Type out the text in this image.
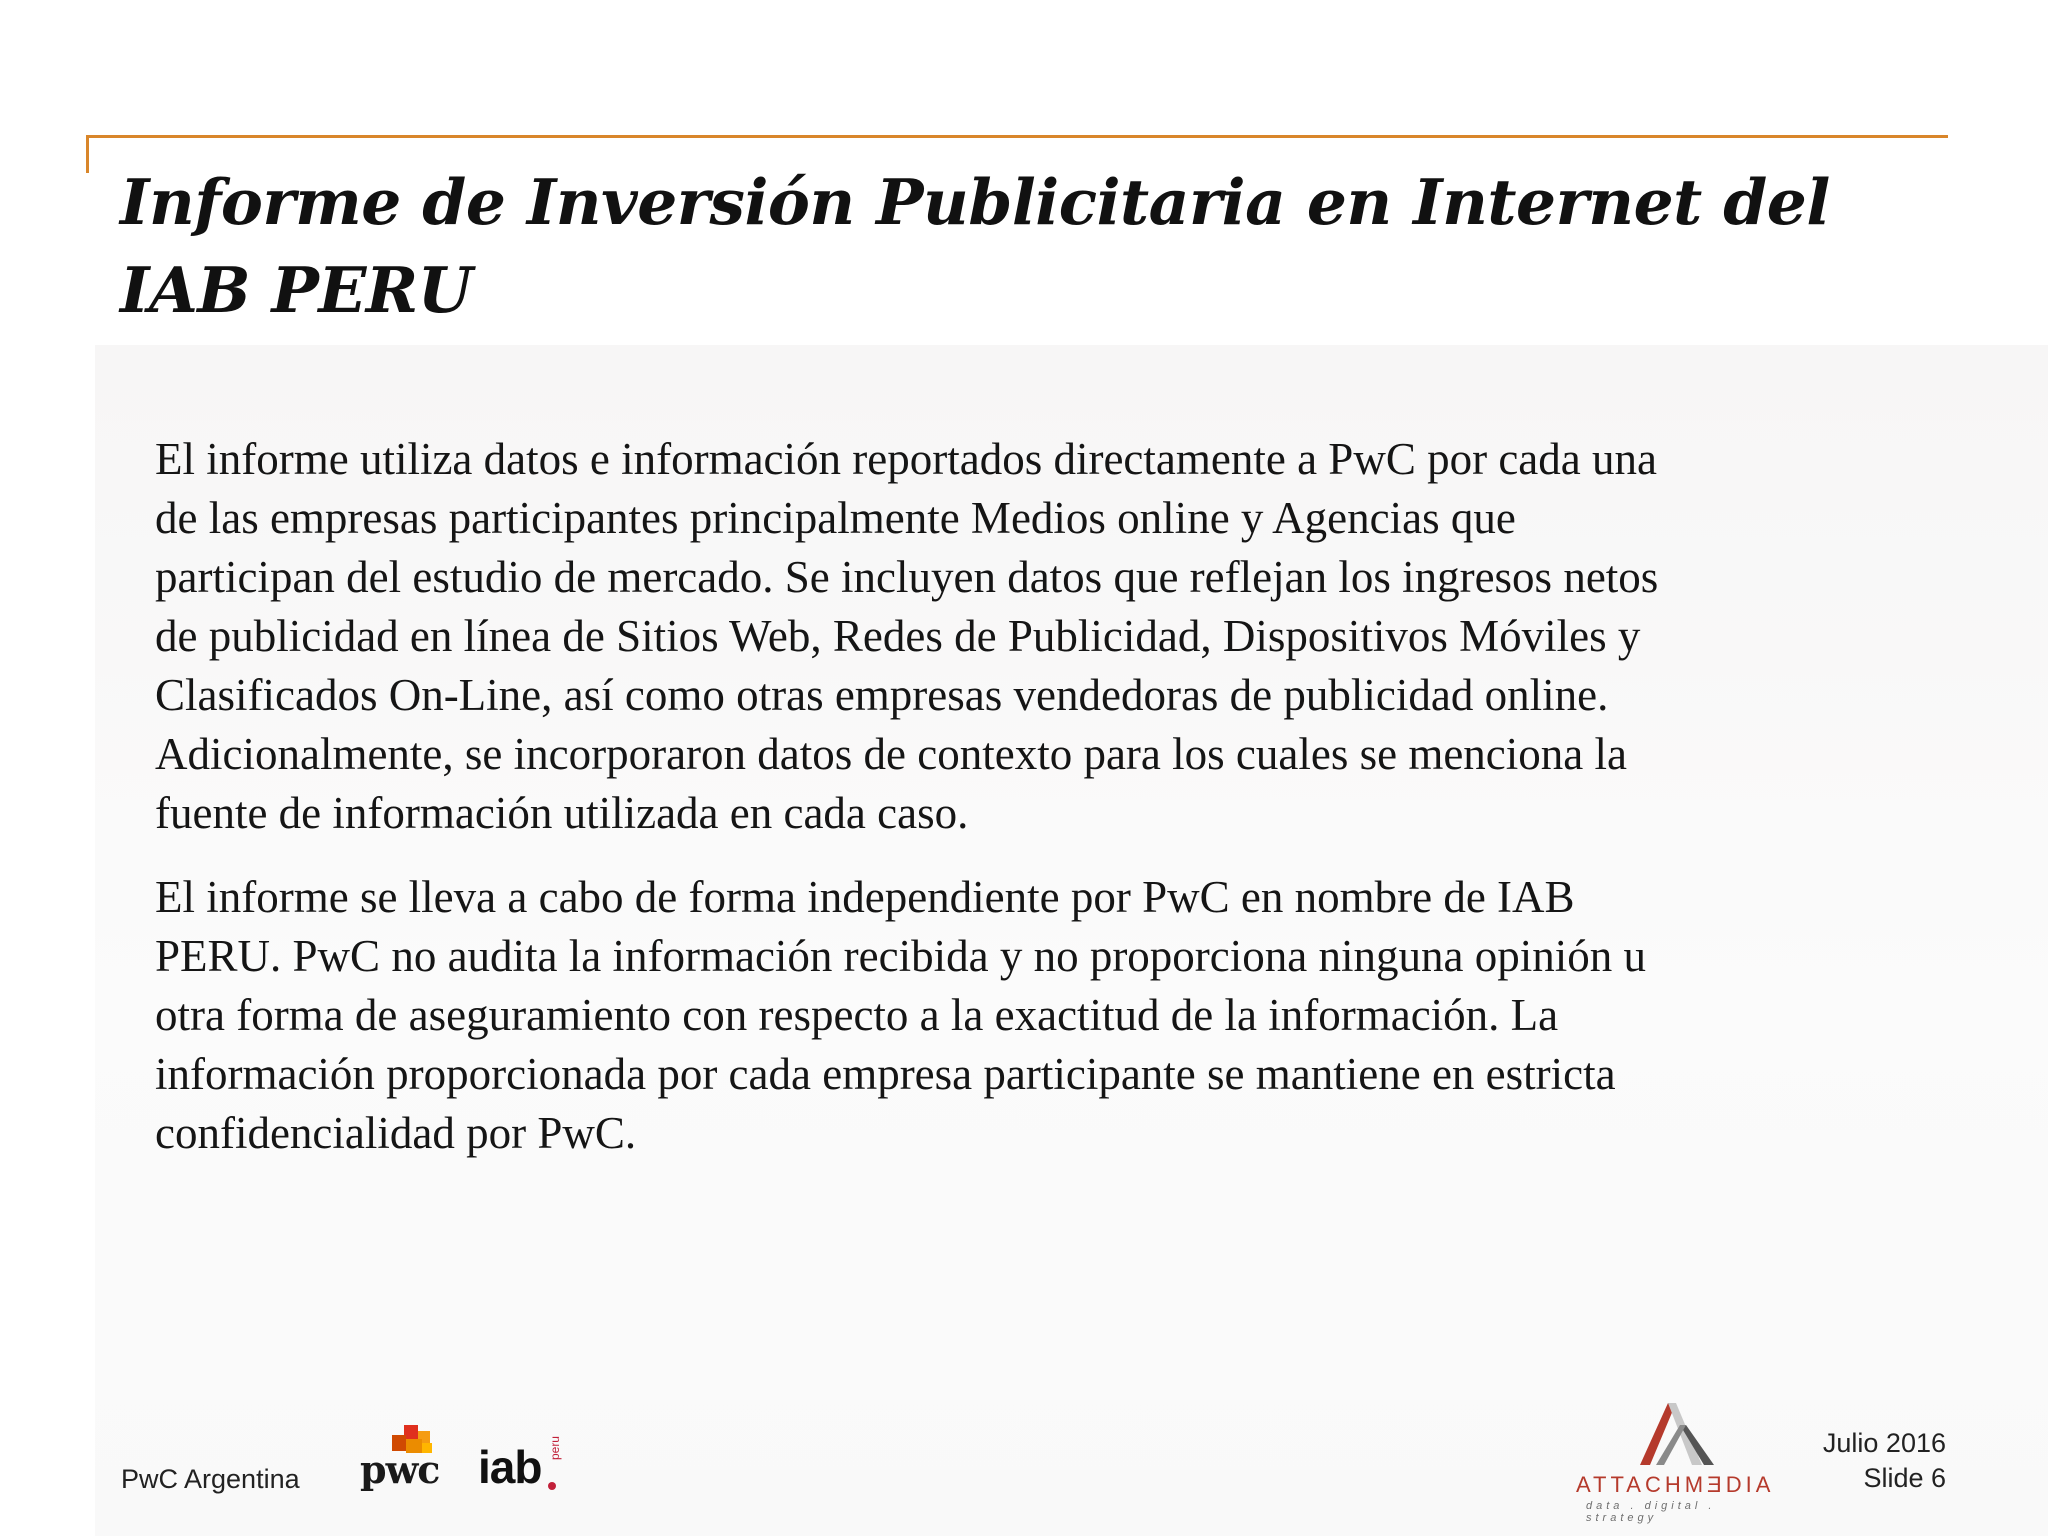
Informe de Inversión Publicitaria en Internet del IAB PERU

El informe utiliza datos e información reportados directamente a PwC por cada una
de las empresas participantes principalmente Medios online y Agencias que
participan del estudio de mercado. Se incluyen datos que reflejan los ingresos netos
de publicidad en línea de Sitios Web, Redes de Publicidad, Dispositivos Móviles y
Clasificados On-Line, así como otras empresas vendedoras de publicidad online.
Adicionalmente, se incorporaron datos de contexto para los cuales se menciona la
fuente de información utilizada en cada caso.

El informe se lleva a cabo de forma independiente por PwC en nombre de IAB
PERU. PwC no audita la información recibida y no proporciona ninguna opinión u
otra forma de aseguramiento con respecto a la exactitud de la información. La
información proporcionada por cada empresa participante se mantiene en estricta
confidencialidad por PwC.

PwC Argentina pwc iab peru
ATTACHMƎDIA
data . digital . strategy
Julio 2016
Slide 6
